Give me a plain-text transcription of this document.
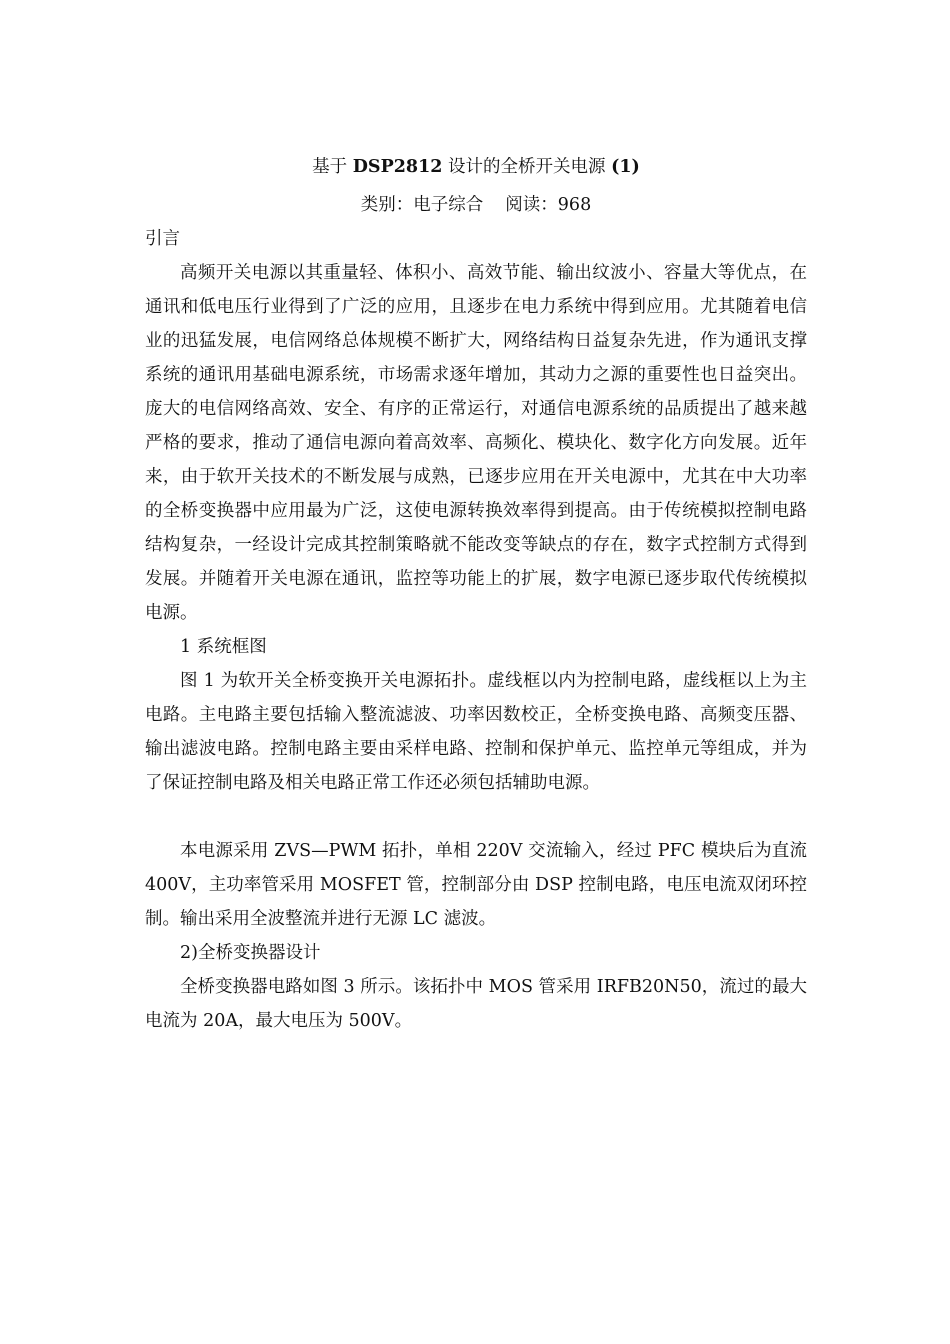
基于 DSP2812 设计的全桥开关电源 (1)
类别：电子综合 阅读：968
引言

高频开关电源以其重量轻、体积小、高效节能、输出纹波小、容量大等优点，在通讯和低电压行业得到了广泛的应用，且逐步在电力系统中得到应用。尤其随着电信业的迅猛发展，电信网络总体规模不断扩大，网络结构日益复杂先进，作为通讯支撑系统的通讯用基础电源系统，市场需求逐年增加，其动力之源的重要性也日益突出。庞大的电信网络高效、安全、有序的正常运行，对通信电源系统的品质提出了越来越严格的要求，推动了通信电源向着高效率、高频化、模块化、数字化方向发展。近年来，由于软开关技术的不断发展与成熟，已逐步应用在开关电源中，尤其在中大功率的全桥变换器中应用最为广泛，这使电源转换效率得到提高。由于传统模拟控制电路结构复杂，一经设计完成其控制策略就不能改变等缺点的存在，数字式控制方式得到发展。并随着开关电源在通讯，监控等功能上的扩展，数字电源已逐步取代传统模拟电源。

1 系统框图

图 1 为软开关全桥变换开关电源拓扑。虚线框以内为控制电路，虚线框以上为主电路。主电路主要包括输入整流滤波、功率因数校正，全桥变换电路、高频变压器、输出滤波电路。控制电路主要由采样电路、控制和保护单元、监控单元等组成，并为了保证控制电路及相关电路正常工作还必须包括辅助电源。

本电源采用 ZVS—PWM 拓扑，单相 220V 交流输入，经过 PFC 模块后为直流 400V，主功率管采用 MOSFET 管，控制部分由 DSP 控制电路，电压电流双闭环控制。输出采用全波整流并进行无源 LC 滤波。

2)全桥变换器设计

全桥变换器电路如图 3 所示。该拓扑中 MOS 管采用 IRFB20N50，流过的最大电流为 20A，最大电压为 500V。
